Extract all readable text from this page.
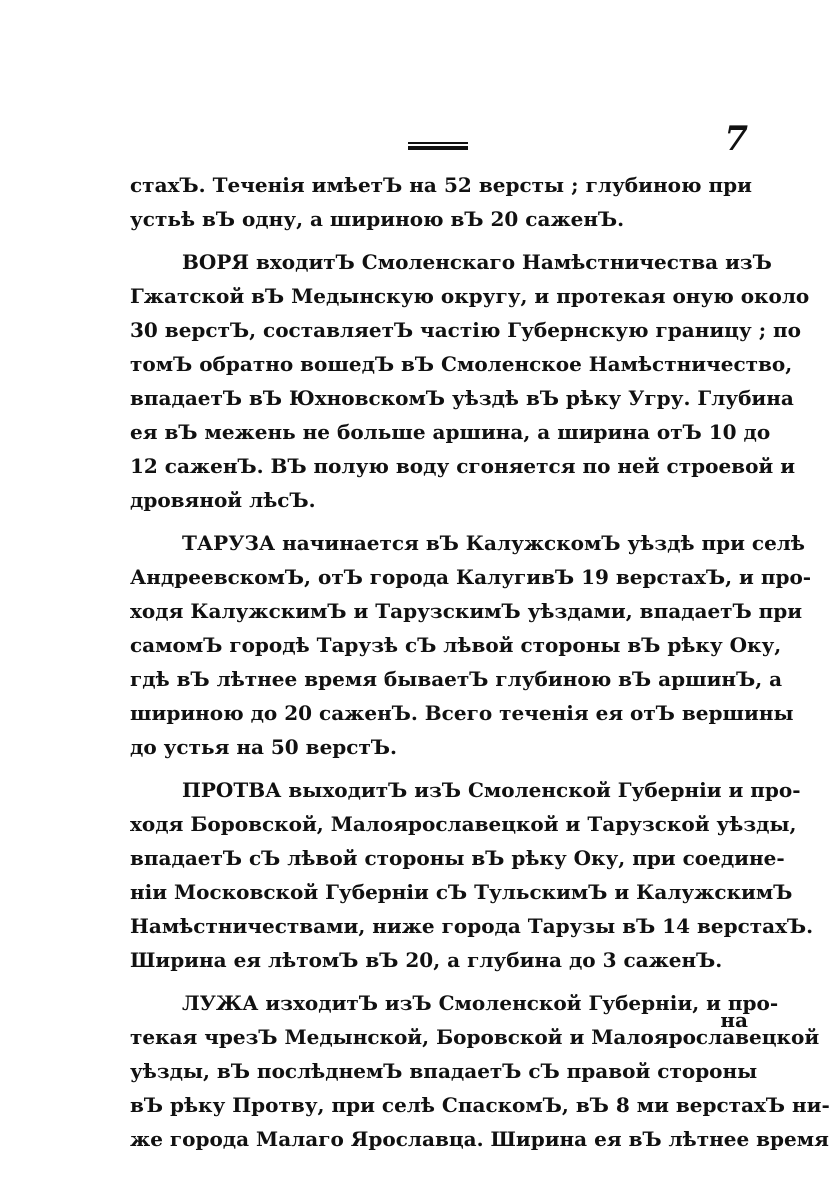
7
стахЪ. Теченія имѣетЪ на 52 версты ; глубиною при
устьѣ вЪ одну, а шириною вЪ 20 саженЪ.
ВОРЯ входитЪ Смоленскаго Намѣстничества изЪ
Гжатской вЪ Медынскую округу, и протекая оную около
30 верстЪ, составляетЪ частію Губернскую границу ; по
томЪ обратно вошедЪ вЪ Смоленское Намѣстничество,
впадаетЪ вЪ ЮхновскомЪ уѣздѣ вЪ рѣку Угру. Глубина
ея вЪ межень не больше аршина, а ширина отЪ 10 до
12 саженЪ. ВЪ полую воду сгоняется по ней строевой и
дровяной лѣсЪ.
ТАРУЗА начинается вЪ КалужскомЪ уѣздѣ при селѣ
АндреевскомЪ, отЪ города КалугивЪ 19 верстахЪ, и про-
ходя КалужскимЪ и ТарузскимЪ уѣздами, впадаетЪ при
самомЪ городѣ Тарузѣ сЪ лѣвой стороны вЪ рѣку Оку,
гдѣ вЪ лѣтнее время бываетЪ глубиною вЪ аршинЪ, а
шириною до 20 саженЪ. Всего теченія ея отЪ вершины
до устья на 50 верстЪ.
ПРОТВА выходитЪ изЪ Смоленской Губерніи и про-
ходя Боровской, Малоярославецкой и Тарузской уѣзды,
впадаетЪ сЪ лѣвой стороны вЪ рѣку Оку, при соедине-
ніи Московской Губерніи сЪ ТульскимЪ и КалужскимЪ
Намѣстничествами, ниже города Тарузы вЪ 14 верстахЪ.
Ширина ея лѣтомЪ вЪ 20, а глубина до 3 саженЪ.
ЛУЖА изходитЪ изЪ Смоленской Губерніи, и про-
текая чрезЪ Медынской, Боровской и Малоярославецкой
уѣзды, вЪ послѣднемЪ впадаетЪ сЪ правой стороны
вЪ рѣку Протву, при селѣ СпаскомЪ, вЪ 8 ми верстахЪ ни-
же города Малаго Ярославца. Ширина ея вЪ лѣтнее время
на
